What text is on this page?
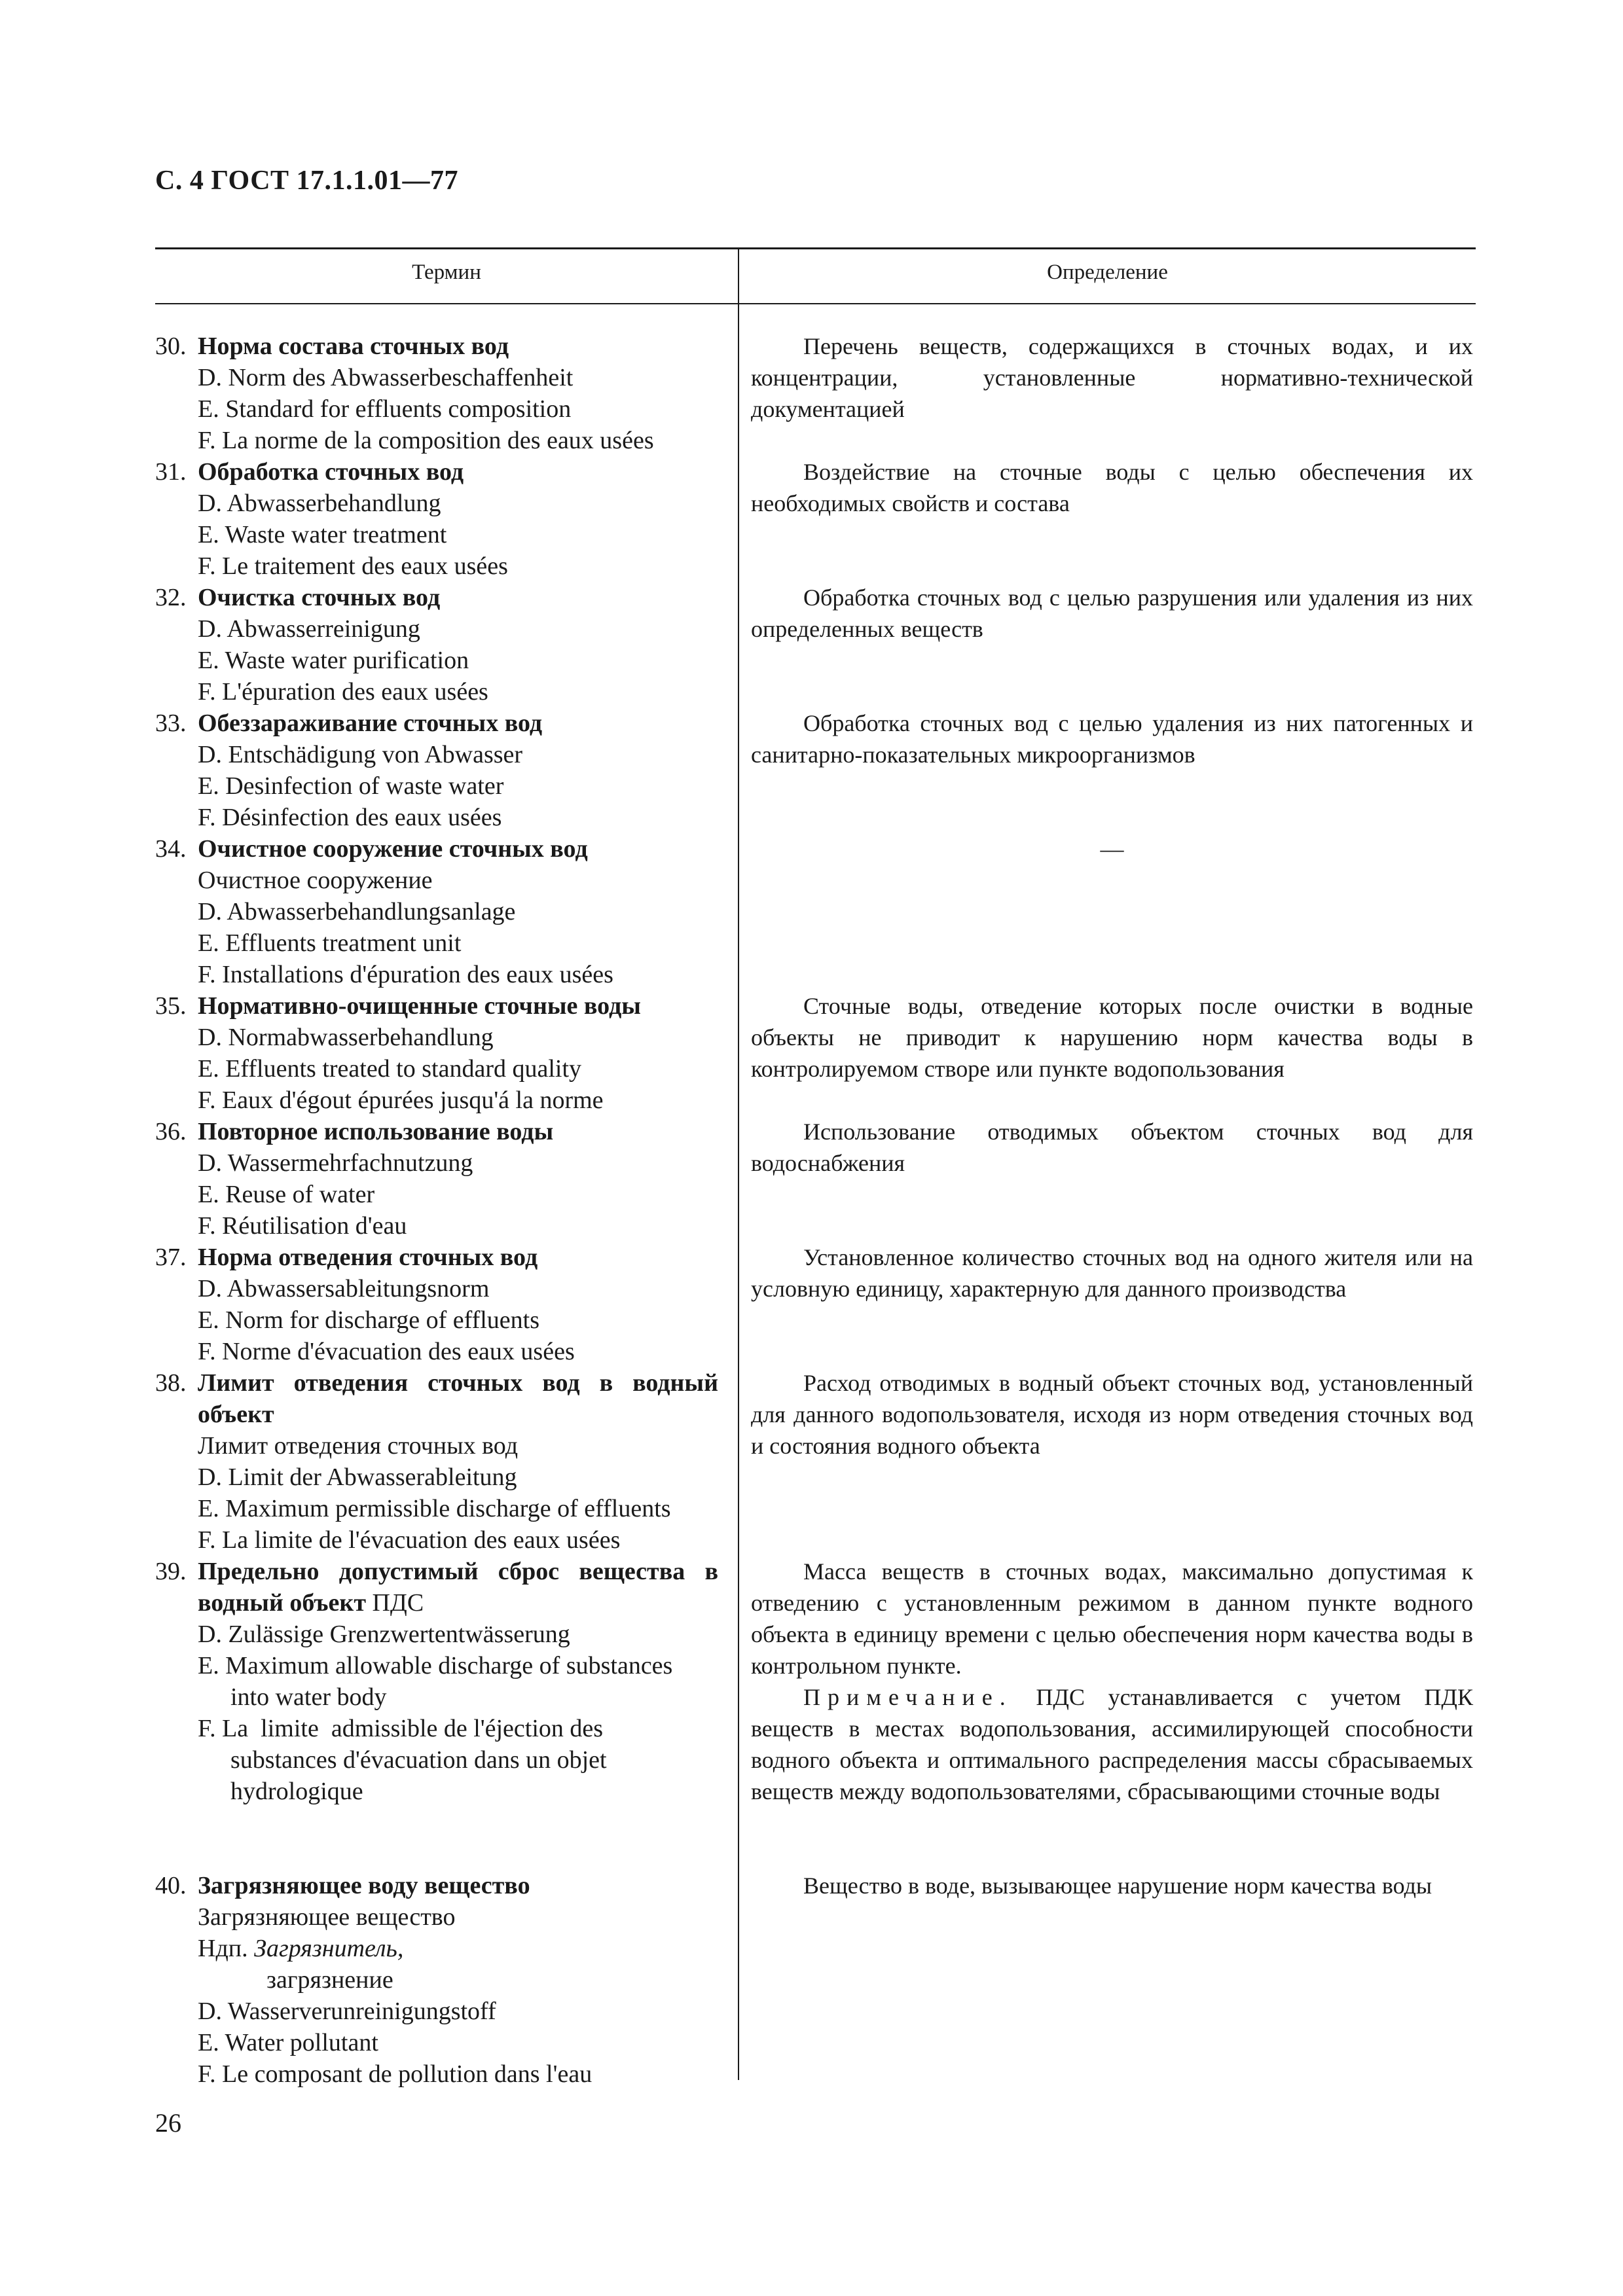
С. 4 ГОСТ 17.1.1.01—77
Термин	Определение
30. Норма состава сточных вод
D. Norm des Abwasserbeschaffenheit
E. Standard for effluents composition
F. La norme de la composition des eaux usées

Перечень веществ, содержащихся в сточных водах, и их концентрации, установленные нормативно-технической документацией

31. Обработка сточных вод
D. Abwasserbehandlung
E. Waste water treatment
F. Le traitement des eaux usées

Воздействие на сточные воды с целью обеспечения их необходимых свойств и состава

32. Очистка сточных вод
D. Abwasserreinigung
E. Waste water purification
F. L'épuration des eaux usées

Обработка сточных вод с целью разрушения или удаления из них определенных веществ

33. Обеззараживание сточных вод
D. Entschädigung von Abwasser
E. Desinfection of waste water
F. Désinfection des eaux usées

Обработка сточных вод с целью удаления из них патогенных и санитарно-показательных микроорганизмов

34. Очистное сооружение сточных вод
Очистное сооружение
D. Abwasserbehandlungsanlage
E. Effluents treatment unit
F. Installations d'épuration des eaux usées

—

35. Нормативно-очищенные сточные воды
D. Normabwasserbehandlung
E. Effluents treated to standard quality
F. Eaux d'égout épurées jusqu'á la norme

Сточные воды, отведение которых после очистки в водные объекты не приводит к нарушению норм качества воды в контролируемом створе или пункте водопользования

36. Повторное использование воды
D. Wassermehrfachnutzung
E. Reuse of water
F. Réutilisation d'eau

Использование отводимых объектом сточных вод для водоснабжения

37. Норма отведения сточных вод
D. Abwassersableitungsnorm
E. Norm for discharge of effluents
F. Norme d'évacuation des eaux usées

Установленное количество сточных вод на одного жителя или на условную единицу, характерную для данного производства

38. Лимит отведения сточных вод в водный
объект
Лимит отведения сточных вод
D. Limit der Abwasserableitung
E. Maximum permissible discharge of effluents
F. La limite de l'évacuation des eaux usées

Расход отводимых в водный объект сточных вод, установленный для данного водопользователя, исходя из норм отведения сточных вод и состояния водного объекта

39. Предельно допустимый сброс вещества в
водный объект ПДС
D. Zulässige Grenzwertentwässerung
E. Maximum allowable discharge of substances
into water body
F. La  limite  admissible de l'éjection des
substances d'évacuation dans un objet
hydrologique

Масса веществ в сточных водах, максимально допустимая к отведению с установленным режимом в данном пункте водного объекта в единицу времени с целью обеспечения норм качества воды в контрольном пункте.

Примечание. ПДС устанавливается с учетом ПДК веществ в местах водопользования, ассимилирующей способности водного объекта и оптимального распределения массы сбрасываемых веществ между водопользователями, сбрасывающими сточные воды

40. Загрязняющее воду вещество
Загрязняющее вещество
Ндп. Загрязнитель,
загрязнение
D. Wasserverunreinigungstoff
E. Water pollutant
F. Le composant de pollution dans l'eau

Вещество в воде, вызывающее нарушение норм качества воды

26
